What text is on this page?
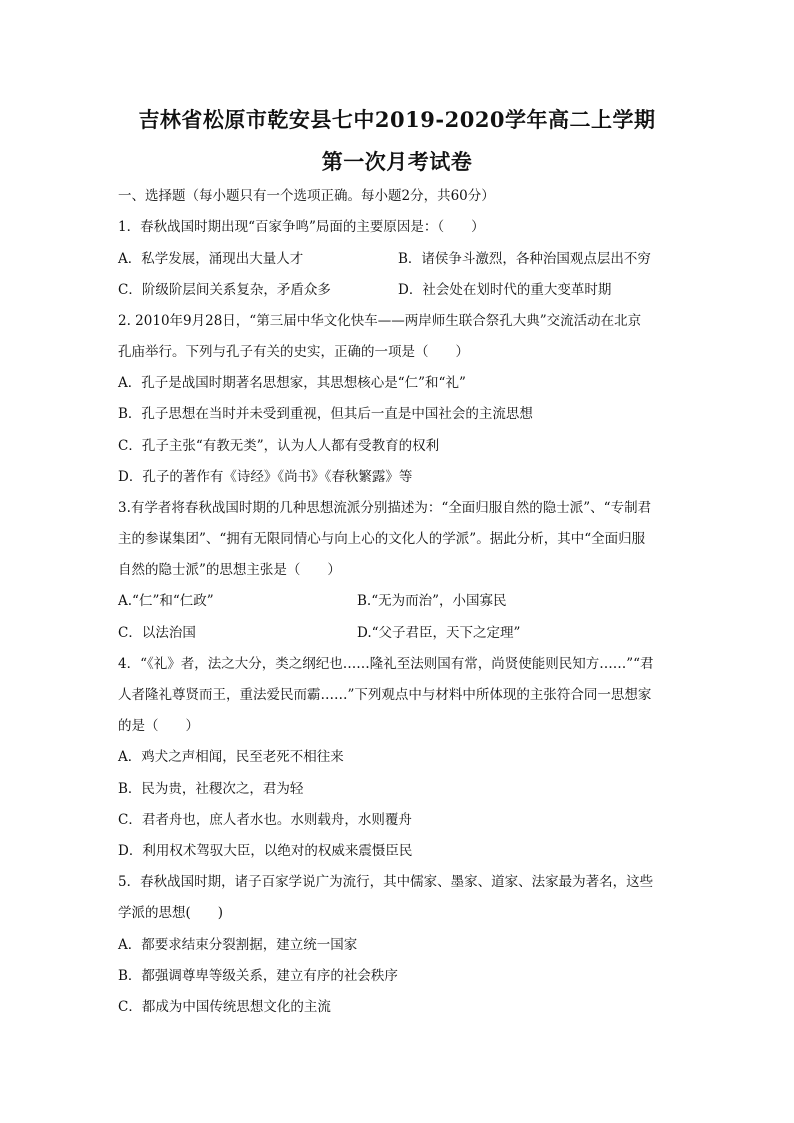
吉林省松原市乾安县七中2019-2020学年高二上学期
第一次月考试卷
一、选择题（每小题只有一个选项正确。每小题2分，共60分）
1．春秋战国时期出现“百家争鸣”局面的主要原因是：（　　）
A．私学发展，涌现出大量人才	B．诸侯争斗激烈，各种治国观点层出不穷
C．阶级阶层间关系复杂，矛盾众多	D．社会处在划时代的重大变革时期
2. 2010年9月28日，“第三届中华文化快车——两岸师生联合祭孔大典”交流活动在北京
孔庙举行。下列与孔子有关的史实，正确的一项是（　　）
A．孔子是战国时期著名思想家，其思想核心是“仁”和“礼”
B．孔子思想在当时并未受到重视，但其后一直是中国社会的主流思想
C．孔子主张“有教无类”，认为人人都有受教育的权利
D．孔子的著作有《诗经》《尚书》《春秋繁露》等
3.有学者将春秋战国时期的几种思想流派分别描述为：“全面归服自然的隐士派”、“专制君
主的参谋集团”、“拥有无限同情心与向上心的文化人的学派”。据此分析，其中“全面归服
自然的隐士派”的思想主张是（　　）
A.“仁”和“仁政”	B.“无为而治”，小国寡民
C．以法治国	D.“父子君臣，天下之定理”
4．“《礼》者，法之大分，类之纲纪也……隆礼至法则国有常，尚贤使能则民知方……”“君
人者隆礼尊贤而王，重法爱民而霸……”下列观点中与材料中所体现的主张符合同一思想家
的是（　　）
A．鸡犬之声相闻，民至老死不相往来
B．民为贵，社稷次之，君为轻
C．君者舟也，庶人者水也。水则载舟，水则覆舟
D．利用权术驾驭大臣，以绝对的权威来震慑臣民
5．春秋战国时期，诸子百家学说广为流行，其中儒家、墨家、道家、法家最为著名，这些
学派的思想(　　)
A．都要求结束分裂割据，建立统一国家
B．都强调尊卑等级关系，建立有序的社会秩序
C．都成为中国传统思想文化的主流
